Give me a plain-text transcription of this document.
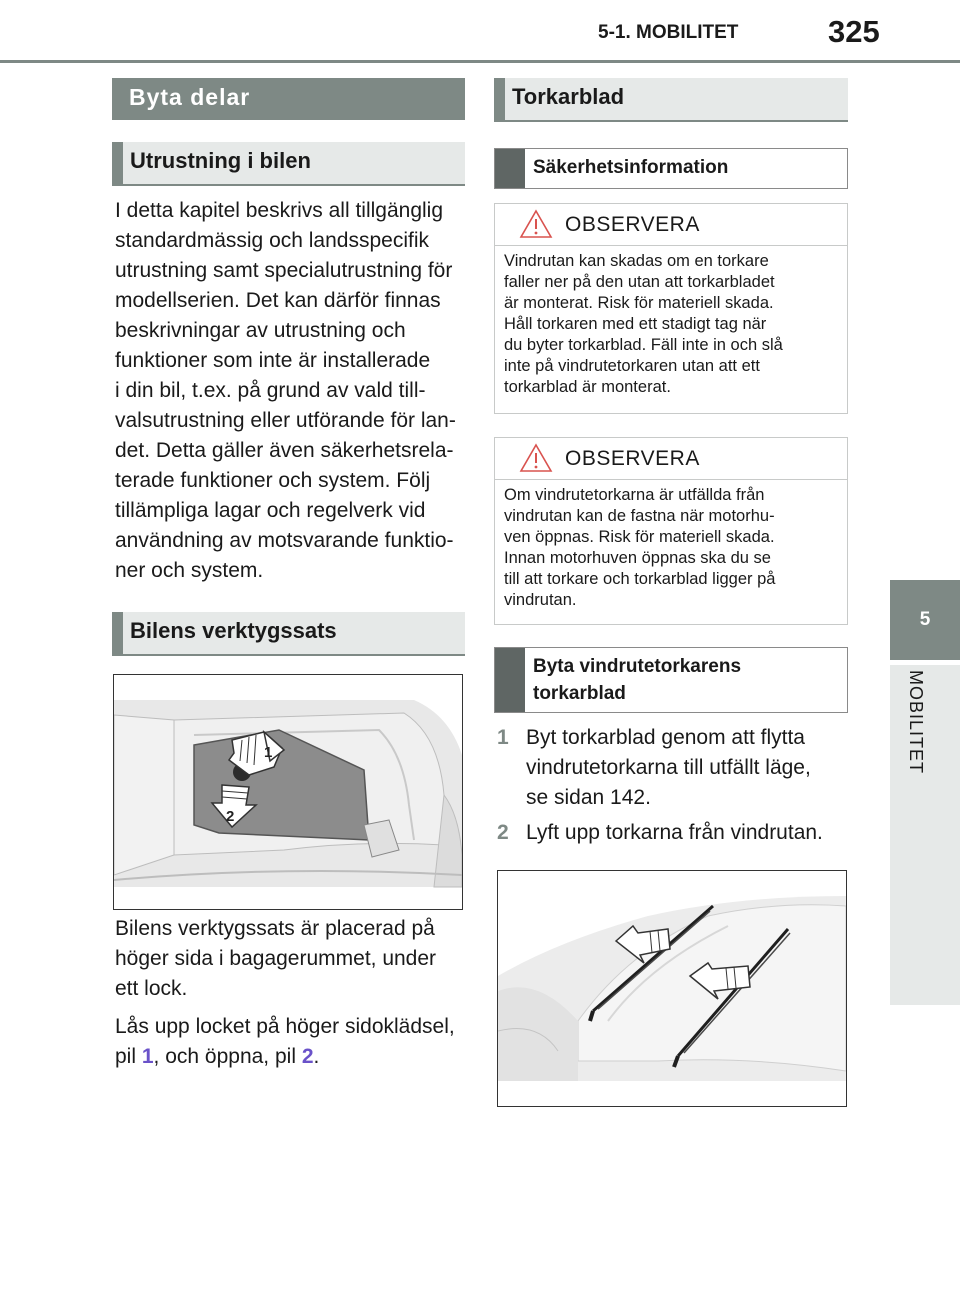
5-1. MOBILITET	325
5
MOBILITET
Byta delar
Utrustning i bilen
I detta kapitel beskrivs all tillgänglig
standardmässig och landsspecifik
utrustning samt specialutrustning för
modellserien. Det kan därför finnas
beskrivningar av utrustning och
funktioner som inte är installerade
i din bil, t.ex. på grund av vald till-
valsutrustning eller utförande för lan-
det. Detta gäller även säkerhetsrela-
terade funktioner och system. Följ
tillämpliga lagar och regelverk vid
användning av motsvarande funktio-
ner och system.
Bilens verktygssats
1
2
Bilens verktygssats är placerad på
höger sida i bagagerummet, under
ett lock.
Lås upp locket på höger sidoklädsel,
pil 1, och öppna, pil 2.
Torkarblad
Säkerhetsinformation
OBSERVERA
Vindrutan kan skadas om en torkare
faller ner på den utan att torkarbladet
är monterat. Risk för materiell skada.
Håll torkaren med ett stadigt tag när
du byter torkarblad. Fäll inte in och slå
inte på vindrutetorkaren utan att ett
torkarblad är monterat.
OBSERVERA
Om vindrutetorkarna är utfällda från
vindrutan kan de fastna när motorhu-
ven öppnas. Risk för materiell skada.
Innan motorhuven öppnas ska du se
till att torkare och torkarblad ligger på
vindrutan.
Byta vindrutetorkarens
torkarblad
1 Byt torkarblad genom att flytta
vindrutetorkarna till utfällt läge,
se sidan 142.
2 Lyft upp torkarna från vindrutan.
